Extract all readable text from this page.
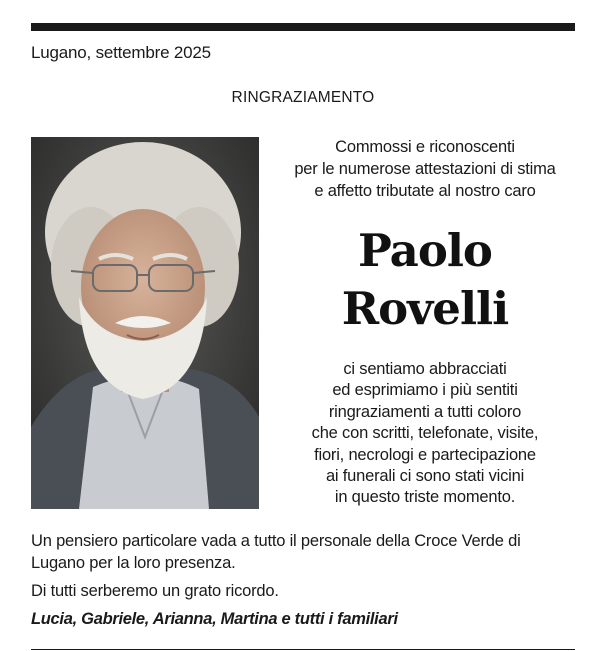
Lugano, settembre 2025
RINGRAZIAMENTO
Commossi e riconoscenti
per le numerose attestazioni di stima
e affetto tributate al nostro caro
Paolo
Rovelli
ci sentiamo abbracciati
ed esprimiamo i più sentiti
ringraziamenti a tutti coloro
che con scritti, telefonate, visite,
fiori, necrologi e partecipazione
ai funerali ci sono stati vicini
in questo triste momento.
Un pensiero particolare vada a tutto il personale della Croce Verde di Lugano per la loro presenza.
Di tutti serberemo un grato ricordo.
Lucia, Gabriele, Arianna, Martina e tutti i familiari
